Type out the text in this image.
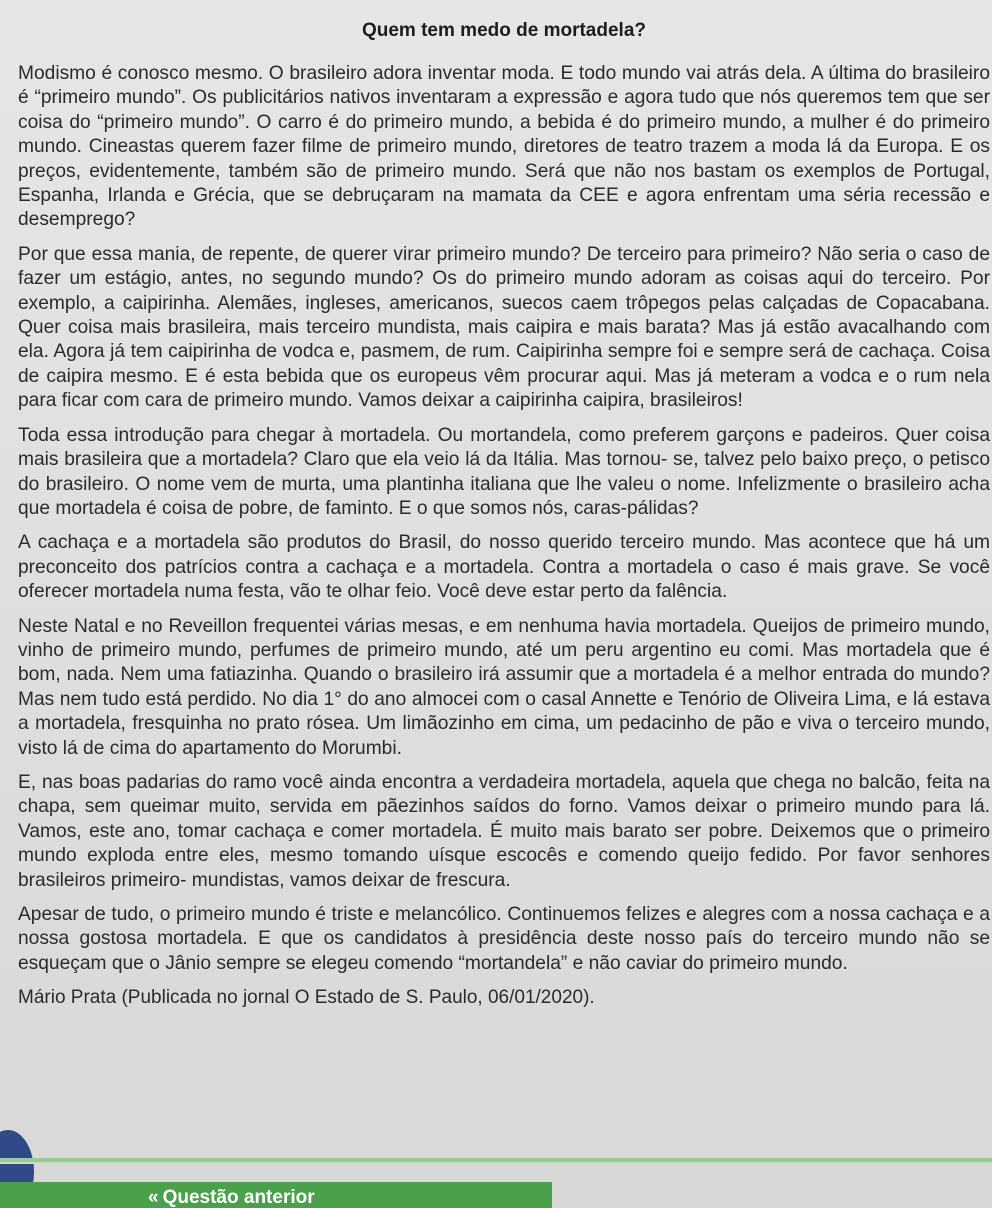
Quem tem medo de mortadela?

Modismo é conosco mesmo. O brasileiro adora inventar moda. E todo mundo vai atrás dela. A última do brasileiro é “primeiro mundo”. Os publicitários nativos inventaram a expressão e agora tudo que nós queremos tem que ser coisa do “primeiro mundo”. O carro é do primeiro mundo, a bebida é do primeiro mundo, a mulher é do primeiro mundo. Cineastas querem fazer filme de primeiro mundo, diretores de teatro trazem a moda lá da Europa. E os preços, evidentemente, também são de primeiro mundo. Será que não nos bastam os exemplos de Portugal, Espanha, Irlanda e Grécia, que se debruçaram na mamata da CEE e agora enfrentam uma séria recessão e desemprego?

Por que essa mania, de repente, de querer virar primeiro mundo? De terceiro para primeiro? Não seria o caso de fazer um estágio, antes, no segundo mundo? Os do primeiro mundo adoram as coisas aqui do terceiro. Por exemplo, a caipirinha. Alemães, ingleses, americanos, suecos caem trôpegos pelas calçadas de Copacabana. Quer coisa mais brasileira, mais terceiro mundista, mais caipira e mais barata? Mas já estão avacalhando com ela. Agora já tem caipirinha de vodca e, pasmem, de rum. Caipirinha sempre foi e sempre será de cachaça. Coisa de caipira mesmo. E é esta bebida que os europeus vêm procurar aqui. Mas já meteram a vodca e o rum nela para ficar com cara de primeiro mundo. Vamos deixar a caipirinha caipira, brasileiros!

Toda essa introdução para chegar à mortadela. Ou mortandela, como preferem garçons e padeiros. Quer coisa mais brasileira que a mortadela? Claro que ela veio lá da Itália. Mas tornou- se, talvez pelo baixo preço, o petisco do brasileiro. O nome vem de murta, uma plantinha italiana que lhe valeu o nome. Infelizmente o brasileiro acha que mortadela é coisa de pobre, de faminto. E o que somos nós, caras-pálidas?

A cachaça e a mortadela são produtos do Brasil, do nosso querido terceiro mundo. Mas acontece que há um preconceito dos patrícios contra a cachaça e a mortadela. Contra a mortadela o caso é mais grave. Se você oferecer mortadela numa festa, vão te olhar feio. Você deve estar perto da falência.

Neste Natal e no Reveillon frequentei várias mesas, e em nenhuma havia mortadela. Queijos de primeiro mundo, vinho de primeiro mundo, perfumes de primeiro mundo, até um peru argentino eu comi. Mas mortadela que é bom, nada. Nem uma fatiazinha. Quando o brasileiro irá assumir que a mortadela é a melhor entrada do mundo? Mas nem tudo está perdido. No dia 1° do ano almocei com o casal Annette e Tenório de Oliveira Lima, e lá estava a mortadela, fresquinha no prato rósea. Um limãozinho em cima, um pedacinho de pão e viva o terceiro mundo, visto lá de cima do apartamento do Morumbi.

E, nas boas padarias do ramo você ainda encontra a verdadeira mortadela, aquela que chega no balcão, feita na chapa, sem queimar muito, servida em pãezinhos saídos do forno. Vamos deixar o primeiro mundo para lá. Vamos, este ano, tomar cachaça e comer mortadela. É muito mais barato ser pobre. Deixemos que o primeiro mundo exploda entre eles, mesmo tomando uísque escocês e comendo queijo fedido. Por favor senhores brasileiros primeiro- mundistas, vamos deixar de frescura.

Apesar de tudo, o primeiro mundo é triste e melancólico. Continuemos felizes e alegres com a nossa cachaça e a nossa gostosa mortadela. E que os candidatos à presidência deste nosso país do terceiro mundo não se esqueçam que o Jânio sempre se elegeu comendo “mortandela” e não caviar do primeiro mundo.

Mário Prata (Publicada no jornal O Estado de S. Paulo, 06/01/2020).
« Questão anterior
